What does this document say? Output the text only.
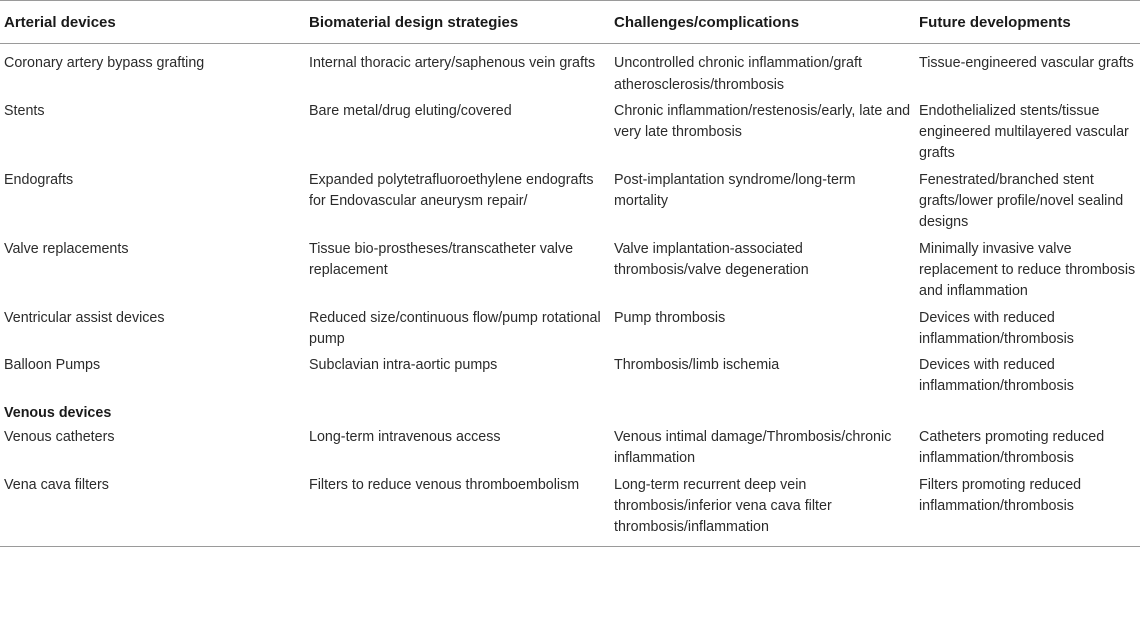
Arterial devices	Biomaterial design strategies	Challenges/complications	Future developments
Coronary artery bypass grafting	Internal thoracic artery/saphenous vein grafts	Uncontrolled chronic inflammation/graft atherosclerosis/thrombosis	Tissue-engineered vascular grafts
Stents	Bare metal/drug eluting/covered	Chronic inflammation/restenosis/early, late and very late thrombosis	Endothelialized stents/tissue engineered multilayered vascular grafts
Endografts	Expanded polytetrafluoroethylene endografts for Endovascular aneurysm repair/	Post-implantation syndrome/long-term mortality	Fenestrated/branched stent grafts/lower profile/novel sealind designs
Valve replacements	Tissue bio-prostheses/transcatheter valve replacement	Valve implantation-associated thrombosis/valve degeneration	Minimally invasive valve replacement to reduce thrombosis and inflammation
Ventricular assist devices	Reduced size/continuous flow/pump rotational pump	Pump thrombosis	Devices with reduced inflammation/thrombosis
Balloon Pumps	Subclavian intra-aortic pumps	Thrombosis/limb ischemia	Devices with reduced inflammation/thrombosis
Venous devices			
Venous catheters	Long-term intravenous access	Venous intimal damage/Thrombosis/chronic inflammation	Catheters promoting reduced inflammation/thrombosis
Vena cava filters	Filters to reduce venous thromboembolism	Long-term recurrent deep vein thrombosis/inferior vena cava filter thrombosis/inflammation	Filters promoting reduced inflammation/thrombosis
